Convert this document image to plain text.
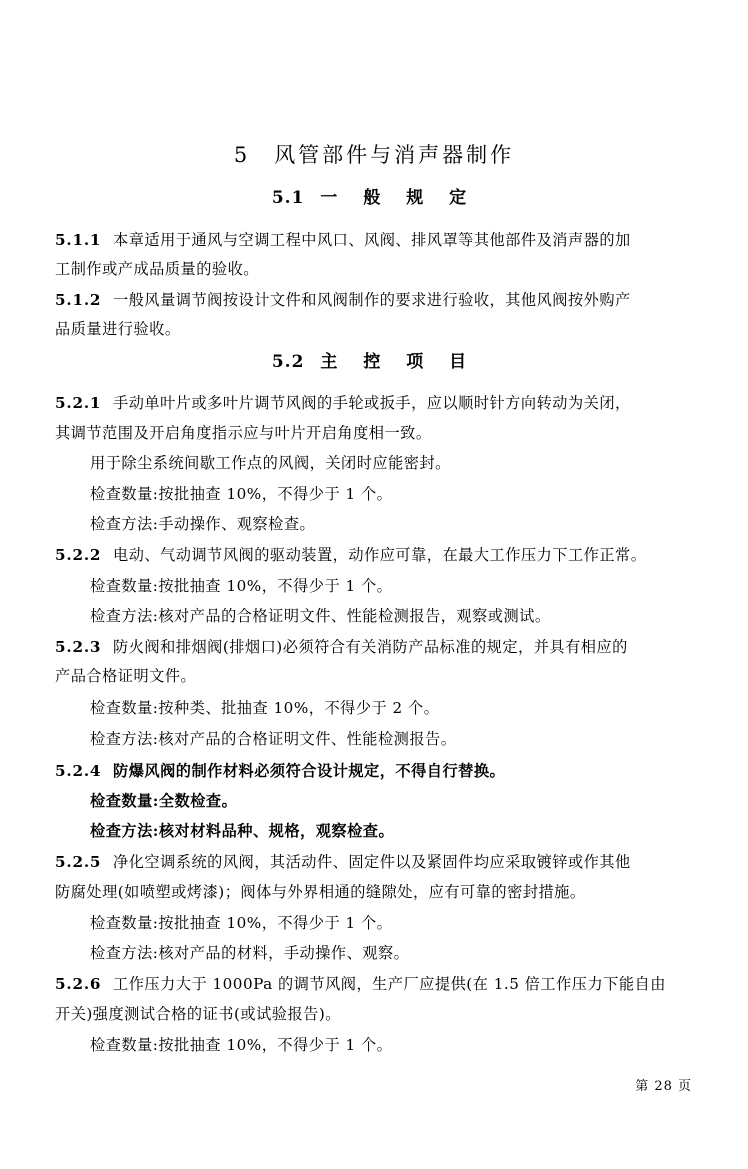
5 风管部件与消声器制作
5.1 一 般 规 定
5.1.1 本章适用于通风与空调工程中风口、风阀、排风罩等其他部件及消声器的加
工制作或产成品质量的验收。
5.1.2 一般风量调节阀按设计文件和风阀制作的要求进行验收，其他风阀按外购产
品质量进行验收。
5.2 主 控 项 目
5.2.1 手动单叶片或多叶片调节风阀的手轮或扳手，应以顺时针方向转动为关闭，
其调节范围及开启角度指示应与叶片开启角度相一致。
用于除尘系统间歇工作点的风阀，关闭时应能密封。
检查数量:按批抽查 10%，不得少于 1 个。
检查方法:手动操作、观察检查。
5.2.2 电动、气动调节风阀的驱动装置，动作应可靠，在最大工作压力下工作正常。
检查数量:按批抽查 10%，不得少于 1 个。
检查方法:核对产品的合格证明文件、性能检测报告，观察或测试。
5.2.3 防火阀和排烟阀(排烟口)必须符合有关消防产品标准的规定，并具有相应的
产品合格证明文件。
检查数量:按种类、批抽查 10%，不得少于 2 个。
检查方法:核对产品的合格证明文件、性能检测报告。
5.2.4 防爆风阀的制作材料必须符合设计规定，不得自行替换。
检查数量:全数检查。
检查方法:核对材料品种、规格，观察检查。
5.2.5 净化空调系统的风阀，其活动件、固定件以及紧固件均应采取镀锌或作其他
防腐处理(如喷塑或烤漆)；阀体与外界相通的缝隙处，应有可靠的密封措施。
检查数量:按批抽查 10%，不得少于 1 个。
检查方法:核对产品的材料，手动操作、观察。
5.2.6 工作压力大于 1000Pa 的调节风阀，生产厂应提供(在 1.5 倍工作压力下能自由
开关)强度测试合格的证书(或试验报告)。
检查数量:按批抽查 10%，不得少于 1 个。
第 28 页
